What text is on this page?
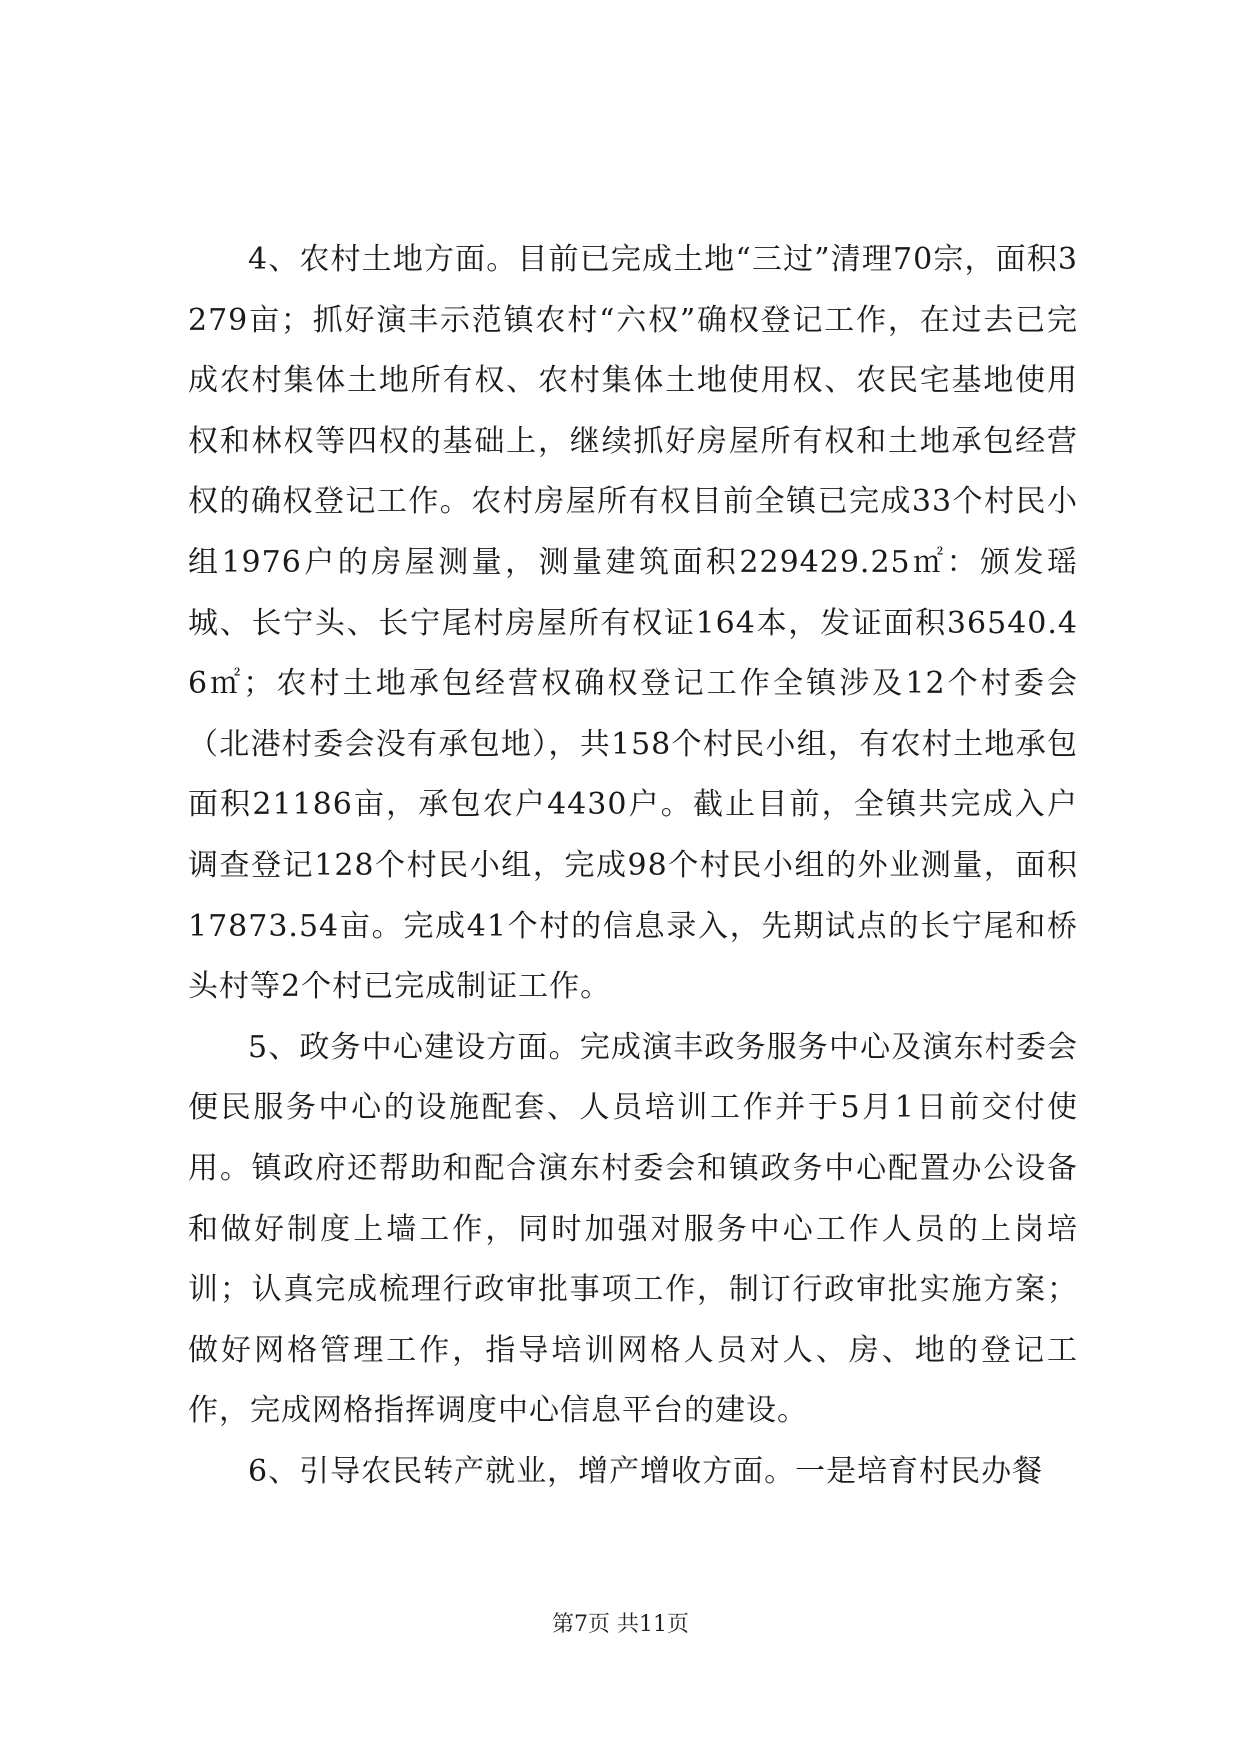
4、农村土地方面。目前已完成土地“三过”清理70宗，面积3279亩；抓好演丰示范镇农村“六权”确权登记工作，在过去已完成农村集体土地所有权、农村集体土地使用权、农民宅基地使用权和林权等四权的基础上，继续抓好房屋所有权和土地承包经营权的确权登记工作。农村房屋所有权目前全镇已完成33个村民小组1976户的房屋测量，测量建筑面积229429.25㎡：颁发瑶城、长宁头、长宁尾村房屋所有权证164本，发证面积36540.46㎡；农村土地承包经营权确权登记工作全镇涉及12个村委会（北港村委会没有承包地），共158个村民小组，有农村土地承包面积21186亩，承包农户4430户。截止目前，全镇共完成入户调查登记128个村民小组，完成98个村民小组的外业测量，面积17873.54亩。完成41个村的信息录入，先期试点的长宁尾和桥头村等2个村已完成制证工作。

5、政务中心建设方面。完成演丰政务服务中心及演东村委会便民服务中心的设施配套、人员培训工作并于5月1日前交付使用。镇政府还帮助和配合演东村委会和镇政务中心配置办公设备和做好制度上墙工作，同时加强对服务中心工作人员的上岗培训；认真完成梳理行政审批事项工作，制订行政审批实施方案；做好网格管理工作，指导培训网格人员对人、房、地的登记工作，完成网格指挥调度中心信息平台的建设。

6、引导农民转产就业，增产增收方面。一是培育村民办餐

第7页 共11页
